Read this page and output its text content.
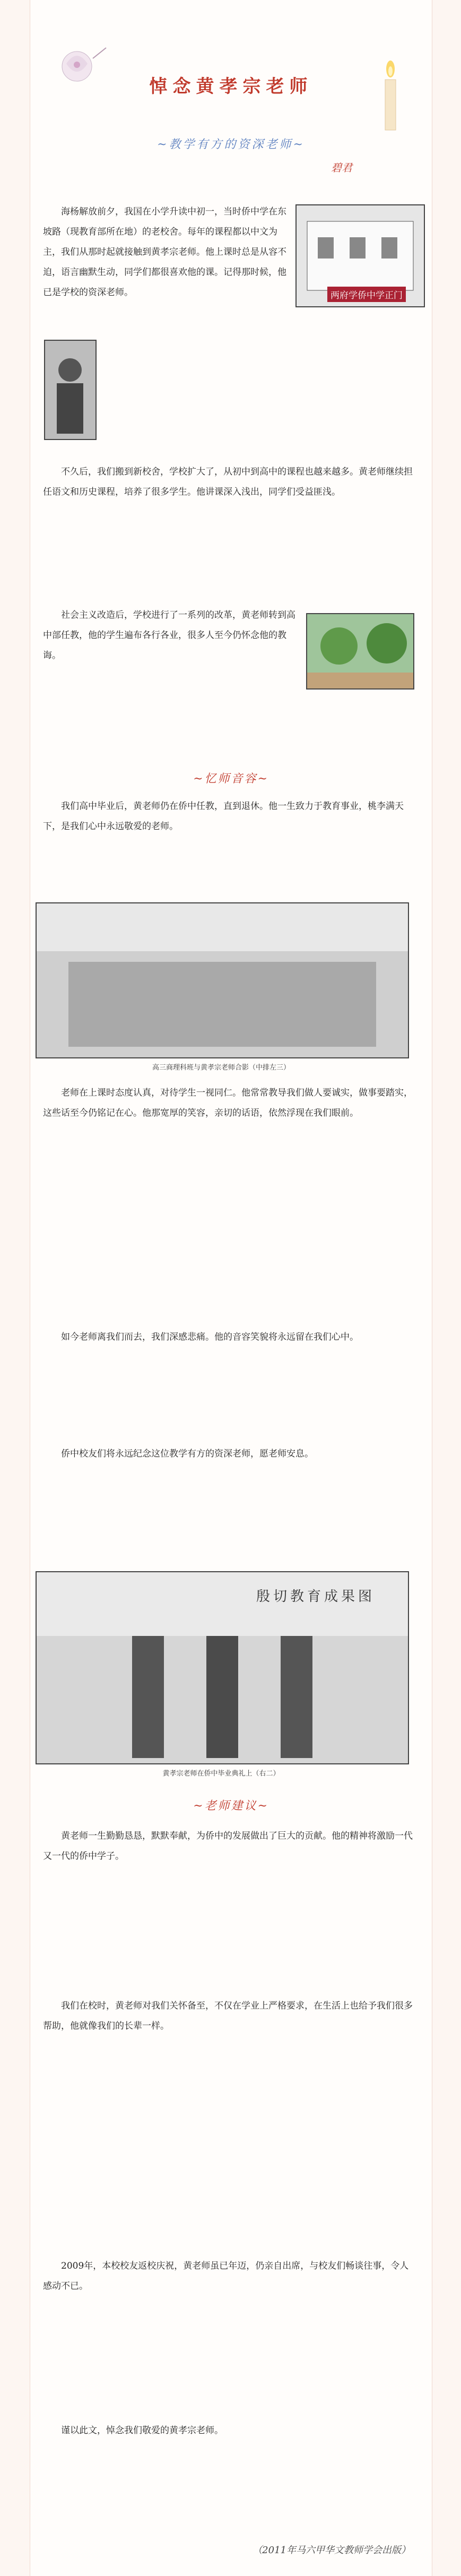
悼念黄孝宗老师
~教学有方的资深老师~
碧君
两府学侨中学正门

海杨解放前夕，我国在小学升读中初一，当时侨中学在东坡路（现教育部所在地）的老校舍。每年的课程都以中文为主，我们从那时起就接触到黄孝宗老师。他上课时总是从容不迫，语言幽默生动，同学们都很喜欢他的课。记得那时候，他已是学校的资深老师。

不久后，我们搬到新校舍，学校扩大了，从初中到高中的课程也越来越多。黄老师继续担任语文和历史课程，培养了很多学生。他讲课深入浅出，同学们受益匪浅。

社会主义改造后，学校进行了一系列的改革，黄老师转到高中部任教，他的学生遍布各行各业，很多人至今仍怀念他的教诲。

~忆师音容~

我们高中毕业后，黄老师仍在侨中任教，直到退休。他一生致力于教育事业，桃李满天下，是我们心中永远敬爱的老师。

高三商理科班与黄孝宗老师合影（中排左三）

老师在上课时态度认真，对待学生一视同仁。他常常教导我们做人要诚实，做事要踏实，这些话至今仍铭记在心。他那宽厚的笑容，亲切的话语，依然浮现在我们眼前。

如今老师离我们而去，我们深感悲痛。他的音容笑貌将永远留在我们心中。

侨中校友们将永远纪念这位教学有方的资深老师，愿老师安息。

殷切教育成果图
黄孝宗老师在侨中毕业典礼上（右二）
~老师建议~

黄老师一生勤勤恳恳，默默奉献，为侨中的发展做出了巨大的贡献。他的精神将激励一代又一代的侨中学子。

我们在校时，黄老师对我们关怀备至，不仅在学业上严格要求，在生活上也给予我们很多帮助，他就像我们的长辈一样。

2009年，本校校友返校庆祝，黄老师虽已年迈，仍亲自出席，与校友们畅谈往事，令人感动不已。

谨以此文，悼念我们敬爱的黄孝宗老师。

（2011年马六甲华文教师学会出版）
